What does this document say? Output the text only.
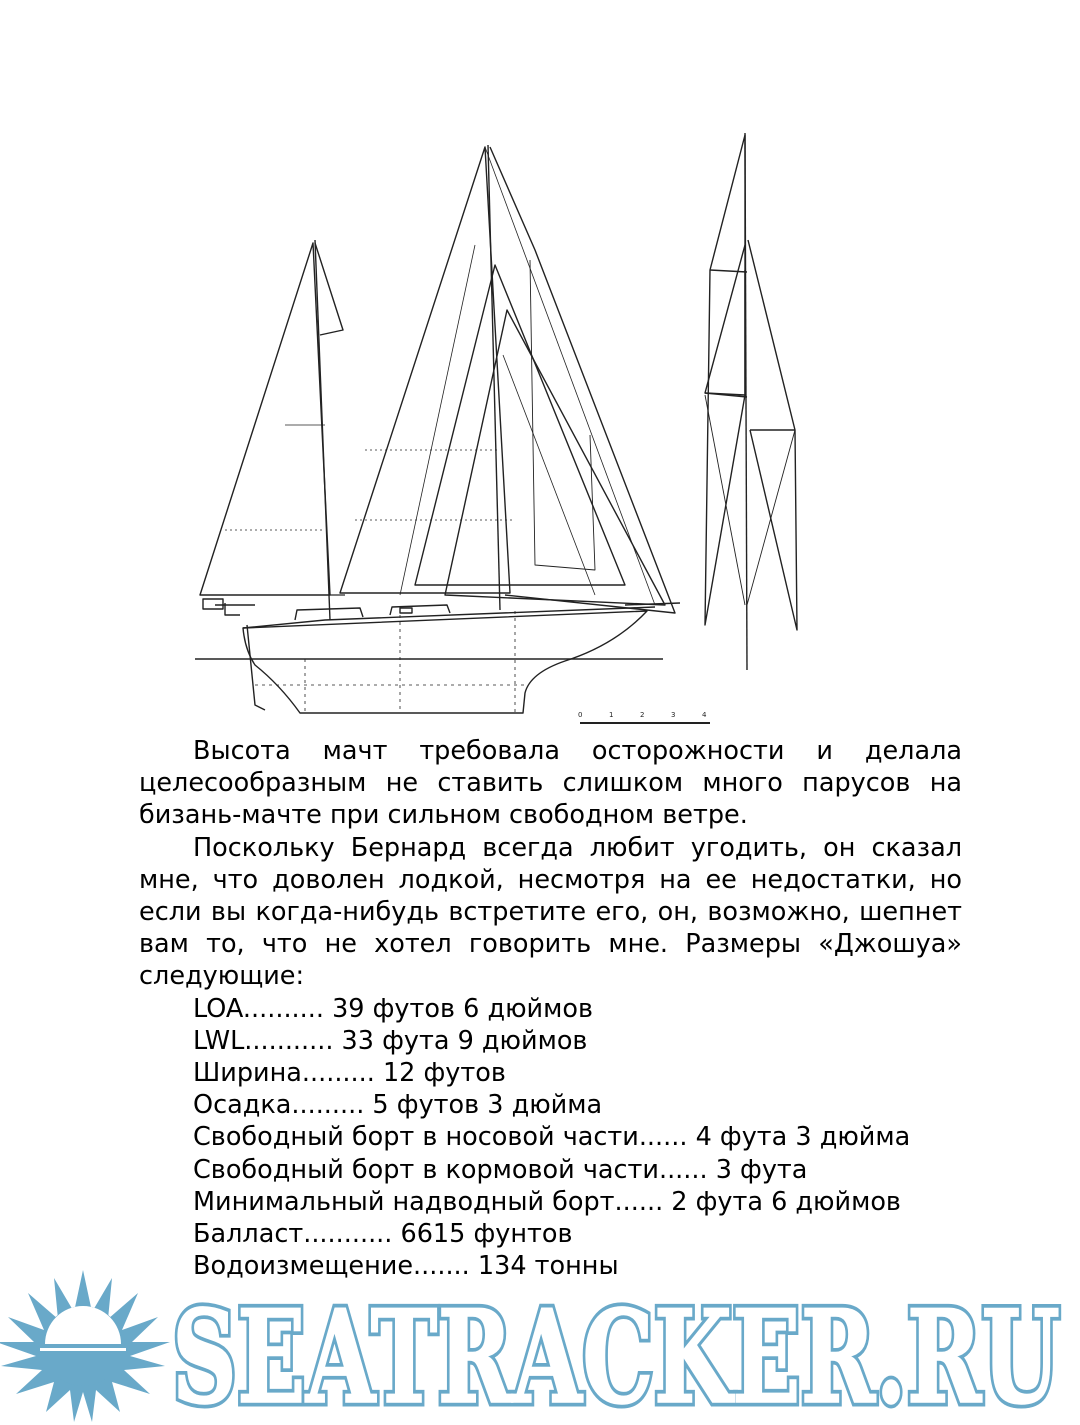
0	1	2	3	4

Высота мачт требовала осторожности и делала целесообразным не ставить слишком много парусов на бизань-мачте при сильном свободном ветре.

Поскольку Бернард всегда любит угодить, он сказал мне, что доволен лодкой, несмотря на ее недостатки, но если вы когда-нибудь встретите его, он, возможно, шепнет вам то, что не хотел говорить мне. Размеры «Джошуа» следующие:

LOA.......... 39 футов 6 дюймов
LWL........... 33 фута 9 дюймов
Ширина......... 12 футов
Осадка......... 5 футов 3 дюйма
Свободный борт в носовой части...... 4 фута 3 дюйма
Свободный борт в кормовой части...... 3 фута
Минимальный надводный борт...... 2 фута 6 дюймов
Балласт........... 6615 фунтов
Водоизмещение....... 134 тонны
SEATRACKER.RU
SEATRACKER.RU
